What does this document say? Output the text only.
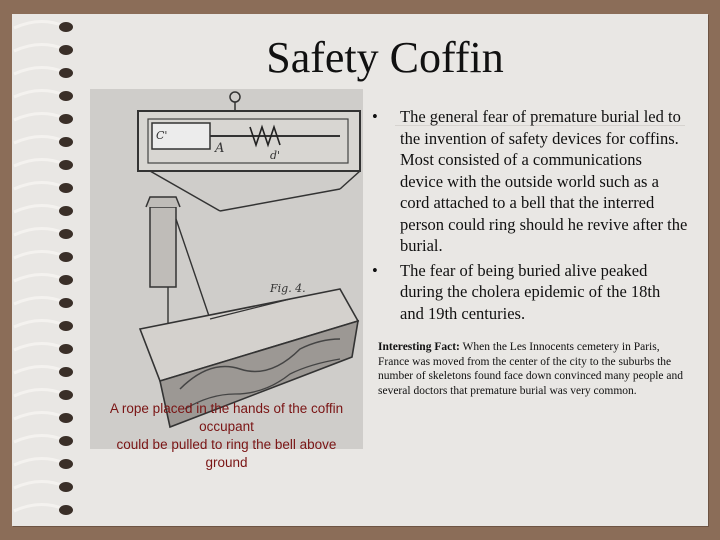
Safety Coffin
A
C'
d'
Fig. 4.
A rope placed in the hands of the coffin occupant
could be pulled to ring the bell above ground
• The general fear of premature burial led to the invention of safety devices for coffins. Most consisted of a communications device with the outside world such as a cord attached to a bell that the interred person could ring should he revive after the burial.
• The fear of being buried alive peaked during the cholera epidemic of the 18th and 19th centuries.
Interesting Fact: When the Les Innocents cemetery in Paris, France was moved from the center of the city to the suburbs the number of skeletons found face down convinced many people and several doctors that premature burial was very common.
